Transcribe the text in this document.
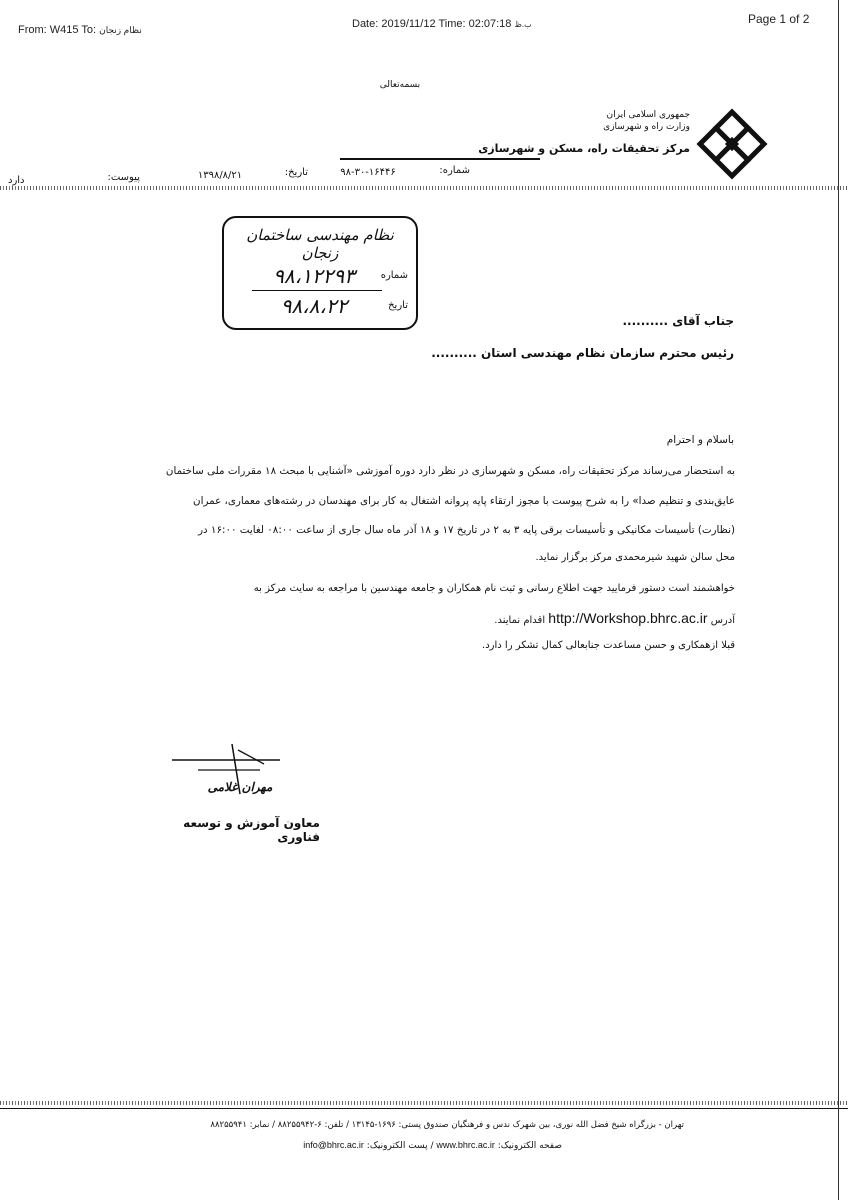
From: W415 To: نظام زنجان	Date: 2019/11/12 Time: 02:07:18 ب.ظ	Page 1 of 2
بسمه‌تعالی
جمهوری اسلامی ایران
وزارت راه و شهرسازی
مرکز تحقیقات راه، مسکن و شهرسازی
شماره:
۹۸-۳۰-۱۶۴۴۶
تاریخ:
۱۳۹۸/۸/۲۱
پیوست:
دارد
نظام مهندسی ساختمان زنجان
شماره
۹۸،۱۲۲۹۳
تاریخ
۹۸،۸،۲۲
جناب آقای ..........
رئیس محترم سازمان نظام مهندسی استان ..........
باسلام و احترام
به استحضار می‌رساند مرکز تحقیقات راه، مسکن و شهرسازی در نظر دارد دوره آموزشی «آشنایی با مبحث ۱۸ مقررات ملی ساختمان
عایق‌بندی و تنظیم صدا» را به شرح پیوست با مجوز ارتقاء پایه پروانه اشتغال به کار برای مهندسان در رشته‌های معماری، عمران
(نظارت) تأسیسات مکانیکی و تأسیسات برقی پایه ۳ به ۲ در تاریخ ۱۷ و ۱۸ آذر ماه سال جاری از ساعت ۰۸:۰۰ لغایت ۱۶:۰۰ در
محل سالن شهید شیرمحمدی مرکز برگزار نماید.
خواهشمند است دستور فرمایید جهت اطلاع رسانی و ثبت نام همکاران و جامعه مهندسین با مراجعه به سایت مرکز به
آدرس http://Workshop.bhrc.ac.ir اقدام نمایند.
قبلا ازهمکاری و حسن مساعدت جنابعالی کمال تشکر را دارد.
مهران غلامی
معاون آموزش و توسعه فناوری
تهران - بزرگراه شیخ فضل الله نوری، بین شهرک ندس و فرهنگیان صندوق پستی: ۱۶۹۶-۱۳۱۴۵ / تلفن: ۶-۸۸۲۵۵۹۴۲ / نمابر: ۸۸۲۵۵۹۴۱
صفحه الکترونیک: www.bhrc.ac.ir / پست الکترونیک: info@bhrc.ac.ir
